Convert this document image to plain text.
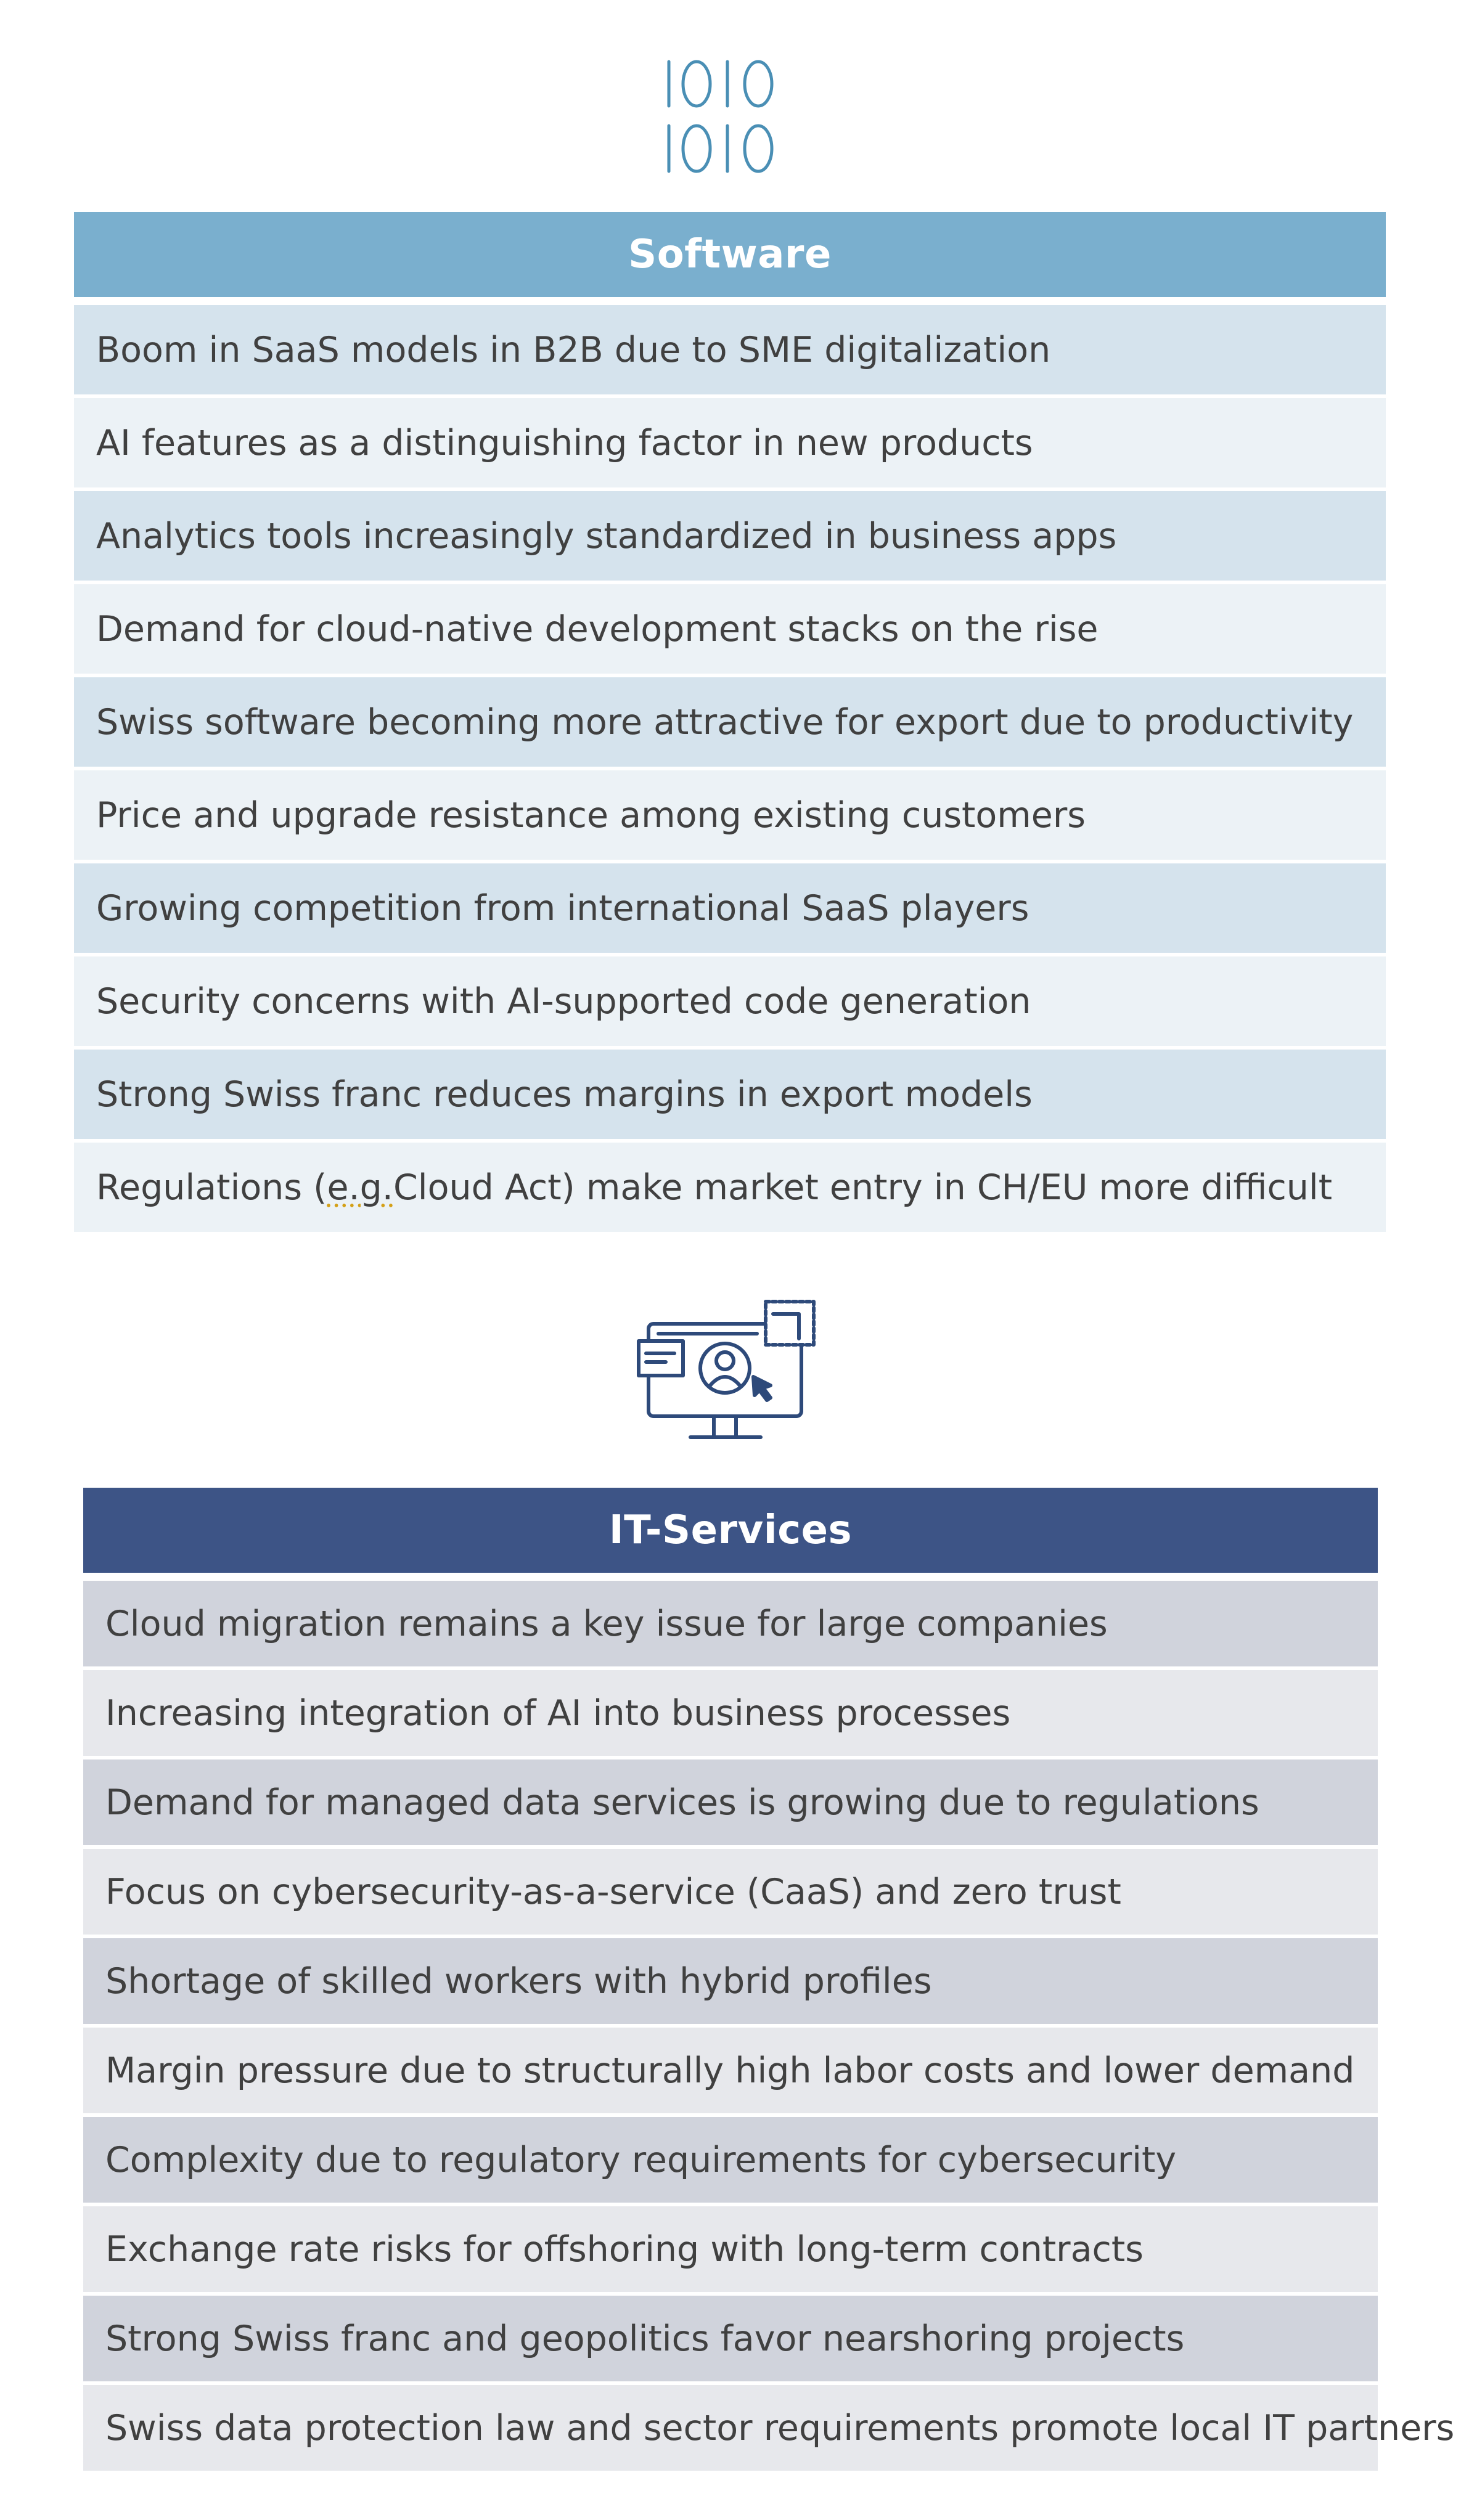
Software
Boom in SaaS models in B2B due to SME digitalization
AI features as a distinguishing factor in new products
Analytics tools increasingly standardized in business apps
Demand for cloud-native development stacks on the rise
Swiss software becoming more attractive for export due to productivity
Price and upgrade resistance among existing customers
Growing competition from international SaaS players
Security concerns with AI-supported code generation
Strong Swiss franc reduces margins in export models
Regulations ( e.g. Cloud Act) make market entry in CH/EU more difficult
IT-Services
Cloud migration remains a key issue for large companies
Increasing integration of AI into business processes
Demand for managed data services is growing due to regulations
Focus on cybersecurity-as-a-service (CaaS) and zero trust
Shortage of skilled workers with hybrid profiles
Margin pressure due to structurally high labor costs and lower demand
Complexity due to regulatory requirements for cybersecurity
Exchange rate risks for offshoring with long-term contracts
Strong Swiss franc and geopolitics favor nearshoring projects
Swiss data protection law and sector requirements promote local IT partners
